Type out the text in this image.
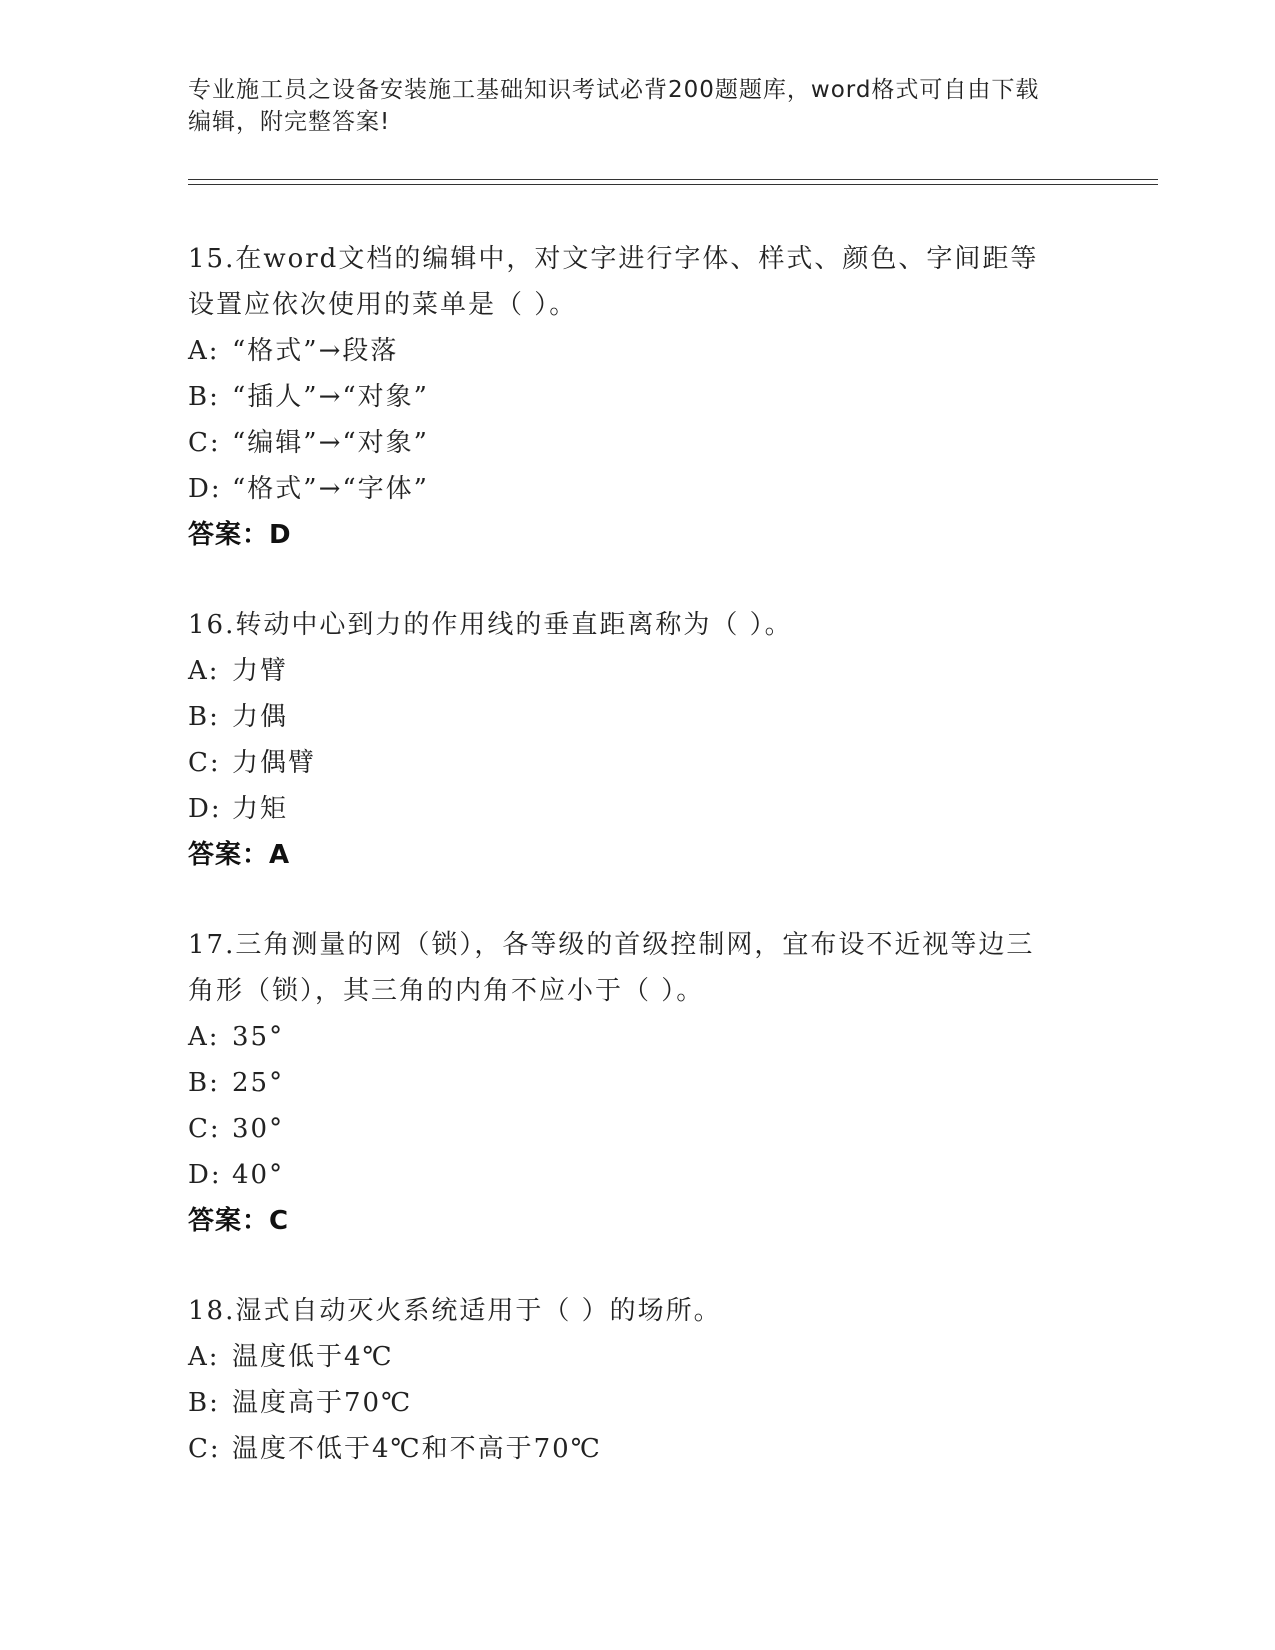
专业施工员之设备安装施工基础知识考试必背200题题库，word格式可自由下载
编辑，附完整答案!

15.在word文档的编辑中，对文字进行字体、样式、颜色、字间距等

设置应依次使用的菜单是（ ）。

A: “格式”→段落

B: “插人”→“对象”

C: “编辑”→“对象”

D: “格式”→“字体”

答案：D

16.转动中心到力的作用线的垂直距离称为（ ）。

A: 力臂

B: 力偶

C: 力偶臂

D: 力矩

答案：A

17.三角测量的网（锁），各等级的首级控制网，宜布设不近视等边三

角形（锁），其三角的内角不应小于（ ）。

A: 35°

B: 25°

C: 30°

D: 40°

答案：C

18.湿式自动灭火系统适用于（ ）的场所。

A: 温度低于4℃

B: 温度高于70℃

C: 温度不低于4℃和不高于70℃
